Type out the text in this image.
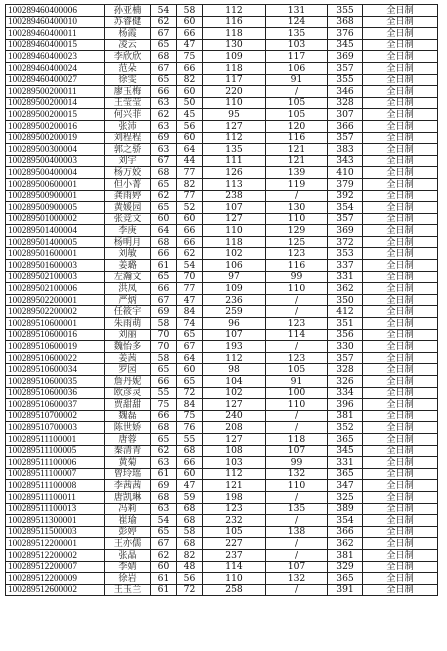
100289460400006	孙亚楠	54	58	112	131	355	全日制
100289460400010	苏睿健	62	60	116	124	368	全日制
100289460400011	杨霞	67	66	118	135	376	全日制
100289460400015	凌云	65	47	130	103	345	全日制
100289460400023	李欣欣	68	75	109	117	369	全日制
100289460400024	范朵	67	66	118	106	357	全日制
100289460400027	徐雯	65	82	117	91	355	全日制
100289500200011	廖玉梅	66	60	220	/	346	全日制
100289500200014	王莹莹	63	50	110	105	328	全日制
100289500200015	何兴菲	62	45	95	105	307	全日制
100289500200016	张沛	63	56	127	120	366	全日制
100289500200019	刘程程	69	60	112	116	357	全日制
100289500300004	郭之骄	63	64	135	121	383	全日制
100289500400003	刘宇	67	44	111	121	343	全日制
100289500400004	杨万姣	68	77	126	139	410	全日制
100289500600001	但小菁	65	82	113	119	379	全日制
100289500900001	龚雨婷	62	77	238	/	392	全日制
100289500900005	黄媛园	65	52	107	130	354	全日制
100289501000002	张竞文	60	60	127	110	357	全日制
100289501400004	李庚	64	66	110	129	369	全日制
100289501400005	杨明月	68	66	118	125	372	全日制
100289501600001	刘敏	66	62	102	123	353	全日制
100289501600003	姜璐	61	54	106	116	337	全日制
100289502100003	左瀚文	65	70	97	99	331	全日制
100289502100006	洪凤	66	77	109	110	362	全日制
100289502200001	严炳	67	47	236	/	350	全日制
100289502200002	任筱宇	69	84	259	/	412	全日制
100289510600001	朱雨萌	58	74	96	123	351	全日制
100289510600016	刘丽	70	65	107	114	356	全日制
100289510600019	魏怡多	70	67	193	/	330	全日制
100289510600022	姜茜	58	64	112	123	357	全日制
100289510600034	罗园	65	60	98	105	328	全日制
100289510600035	詹丹妮	66	65	104	91	326	全日制
100289510600036	欧彦灵	55	72	102	100	334	全日制
100289510600037	贾甜甜	75	84	127	110	396	全日制
100289510700002	魏磊	66	75	240	/	381	全日制
100289510700003	陈世娇	68	76	208	/	352	全日制
100289511100001	唐蓉	65	55	127	118	365	全日制
100289511100005	秦清青	62	68	108	107	345	全日制
100289511100006	黄菊	63	66	103	99	331	全日制
100289511100007	曾玲瑶	61	60	112	132	365	全日制
100289511100008	李茜茜	69	47	121	110	347	全日制
100289511100011	唐凯琳	68	59	198	/	325	全日制
100289511100013	冯莉	63	68	123	135	389	全日制
100289511300001	崔瑜	54	68	232	/	354	全日制
100289511500003	彭婷	65	58	105	138	366	全日制
100289512200001	王亦儒	67	68	227	/	362	全日制
100289512200002	张晶	62	82	237	/	381	全日制
100289512200007	李婧	60	48	114	107	329	全日制
100289512200009	徐岩	61	56	110	132	365	全日制
100289512600002	王玉兰	61	72	258	/	391	全日制
